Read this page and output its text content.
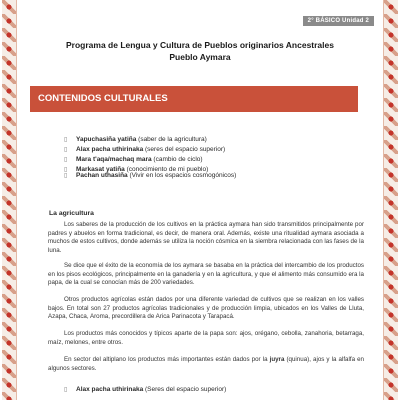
2° BÁSICO Unidad 2
Programa de Lengua y Cultura de Pueblos originarios Ancestrales
Pueblo Aymara
CONTENIDOS CULTURALES
▯ Yapuchasiña yatiña (saber de la agricultura)
▯ Alax pacha uthirinaka (seres del espacio superior)
▯ Mara t'aqa/machaq mara (cambio de ciclo)
▯ Markasat yatiña (conocimiento de mi pueblo)
▯ Pachan uthasiña (Vivir en los espacios cosmogónicos)
La agricultura
Los saberes de la producción de los cultivos en la práctica aymara han sido transmitidos principalmente por padres y abuelos en forma tradicional, es decir, de manera oral. Además, existe una ritualidad aymara asociada a muchos de estos cultivos, donde además se utiliza la noción cósmica en la siembra relacionada con las fases de la luna.
Se dice que el éxito de la economía de los aymara se basaba en la práctica del intercambio de los productos en los pisos ecológicos, principalmente en la ganadería y en la agricultura, y que el alimento más consumido era la papa, de la cual se conocían más de 200 variedades.
Otros productos agrícolas están dados por una diferente variedad de cultivos que se realizan en los valles bajos. En total son 27 productos agrícolas tradicionales y de producción limpia, ubicados en los Valles de Lluta, Azapa, Chaca, Aroma, precordillera de Arica Parinacota y Tarapacá.
Los productos más conocidos y típicos aparte de la papa son: ajos, orégano, cebolla, zanahoria, betarraga, maíz, melones, entre otros.
En sector del altiplano los productos más importantes están dados por la juyra (quinua), ajos y la alfalfa en algunos sectores.
▯ Alax pacha uthirinaka (Seres del espacio superior)
